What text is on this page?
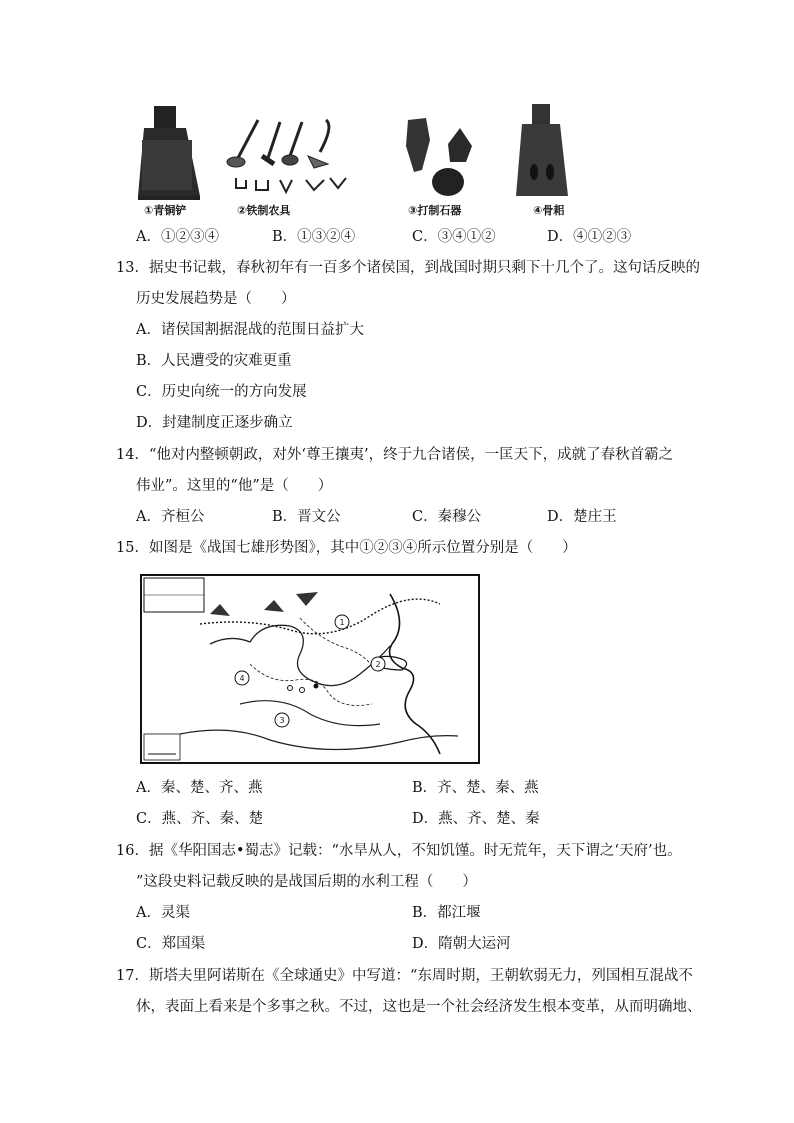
①青铜铲	②铁制农具	③打制石器	④骨耜
A．①②③④	B．①③②④	C．③④①②	D．④①②③
13．据史书记载，春秋初年有一百多个诸侯国，到战国时期只剩下十几个了。这句话反映的
历史发展趋势是（　　）
A．诸侯国割据混战的范围日益扩大
B．人民遭受的灾难更重
C．历史向统一的方向发展
D．封建制度正逐步确立
14．“他对内整顿朝政，对外‘尊王攘夷’，终于九合诸侯，一匡天下，成就了春秋首霸之
伟业”。这里的“他”是（　　）
A．齐桓公	B．晋文公	C．秦穆公	D．楚庄王
15．如图是《战国七雄形势图》，其中①②③④所示位置分别是（　　）
1
2
3
4
A．秦、楚、齐、燕	B．齐、楚、秦、燕
C．燕、齐、秦、楚	D．燕、齐、楚、秦
16．据《华阳国志•蜀志》记载：“水旱从人，不知饥馑。时无荒年，天下谓之‘天府’也。
”这段史料记载反映的是战国后期的水利工程（　　）
A．灵渠	B．都江堰
C．郑国渠	D．隋朝大运河
17．斯塔夫里阿诺斯在《全球通史》中写道：“东周时期，王朝软弱无力，列国相互混战不
休，表面上看来是个多事之秋。不过，这也是一个社会经济发生根本变革，从而明确地、
